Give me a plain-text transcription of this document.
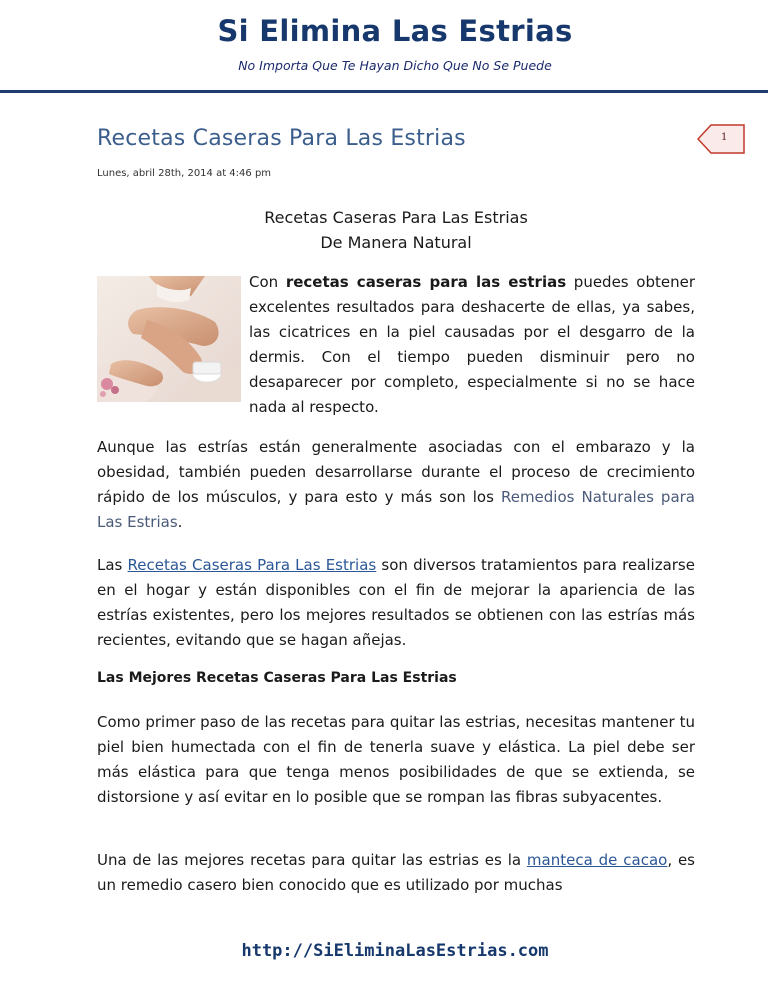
Si Elimina Las Estrias
No Importa Que Te Hayan Dicho Que No Se Puede
Recetas Caseras Para Las Estrias	1
Lunes, abril 28th, 2014 at 4:46 pm
Recetas Caseras Para Las Estrias
De Manera Natural

Con recetas caseras para las estrias puedes obtener excelentes resultados para deshacerte de ellas, ya sabes, las cicatrices en la piel causadas por el desgarro de la dermis. Con el tiempo pueden disminuir pero no desaparecer por completo, especialmente si no se hace nada al respecto.

Aunque las estrías están generalmente asociadas con el embarazo y la obesidad, también pueden desarrollarse durante el proceso de crecimiento rápido de los músculos, y para esto y más son los Remedios Naturales para Las Estrias.

Las Recetas Caseras Para Las Estrias son diversos tratamientos para realizarse en el hogar y están disponibles con el fin de mejorar la apariencia de las estrías existentes, pero los mejores resultados se obtienen con las estrías más recientes, evitando que se hagan añejas.

Las Mejores Recetas Caseras Para Las Estrias

Como primer paso de las recetas para quitar las estrias, necesitas mantener tu piel bien humectada con el fin de tenerla suave y elástica. La piel debe ser más elástica para que tenga menos posibilidades de que se extienda, se distorsione y así evitar en lo posible que se rompan las fibras subyacentes.

Una de las mejores recetas para quitar las estrias es la manteca de cacao, es un remedio casero bien conocido que es utilizado por muchas

http://SiEliminaLasEstrias.com
